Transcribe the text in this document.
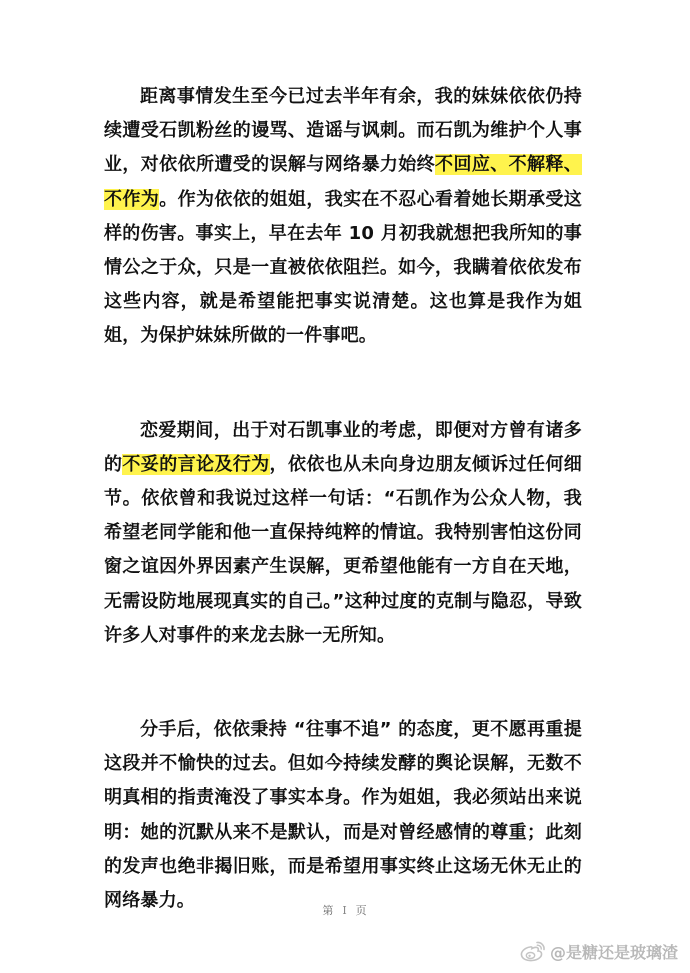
距离事情发生至今已过去半年有余，我的妹妹依依仍持续遭受石凯粉丝的谩骂、造谣与讽刺。而石凯为维护个人事业，对依依所遭受的误解与网络暴力始终不回应、不解释、不作为。作为依依的姐姐，我实在不忍心看着她长期承受这样的伤害。事实上，早在去年 10 月初我就想把我所知的事情公之于众，只是一直被依依阻拦。如今，我瞒着依依发布这些内容，就是希望能把事实说清楚。这也算是我作为姐姐，为保护妹妹所做的一件事吧。

恋爱期间，出于对石凯事业的考虑，即便对方曾有诸多的不妥的言论及行为，依依也从未向身边朋友倾诉过任何细节。依依曾和我说过这样一句话：“石凯作为公众人物，我希望老同学能和他一直保持纯粹的情谊。我特别害怕这份同窗之谊因外界因素产生误解，更希望他能有一方自在天地，无需设防地展现真实的自己。”这种过度的克制与隐忍，导致许多人对事件的来龙去脉一无所知。

分手后，依依秉持 “往事不追” 的态度，更不愿再重提这段并不愉快的过去。但如今持续发酵的舆论误解，无数不明真相的指责淹没了事实本身。作为姐姐，我必须站出来说明：她的沉默从来不是默认，而是对曾经感情的尊重；此刻的发声也绝非揭旧账，而是希望用事实终止这场无休无止的网络暴力。	第 I 页
@是糖还是玻璃渣
